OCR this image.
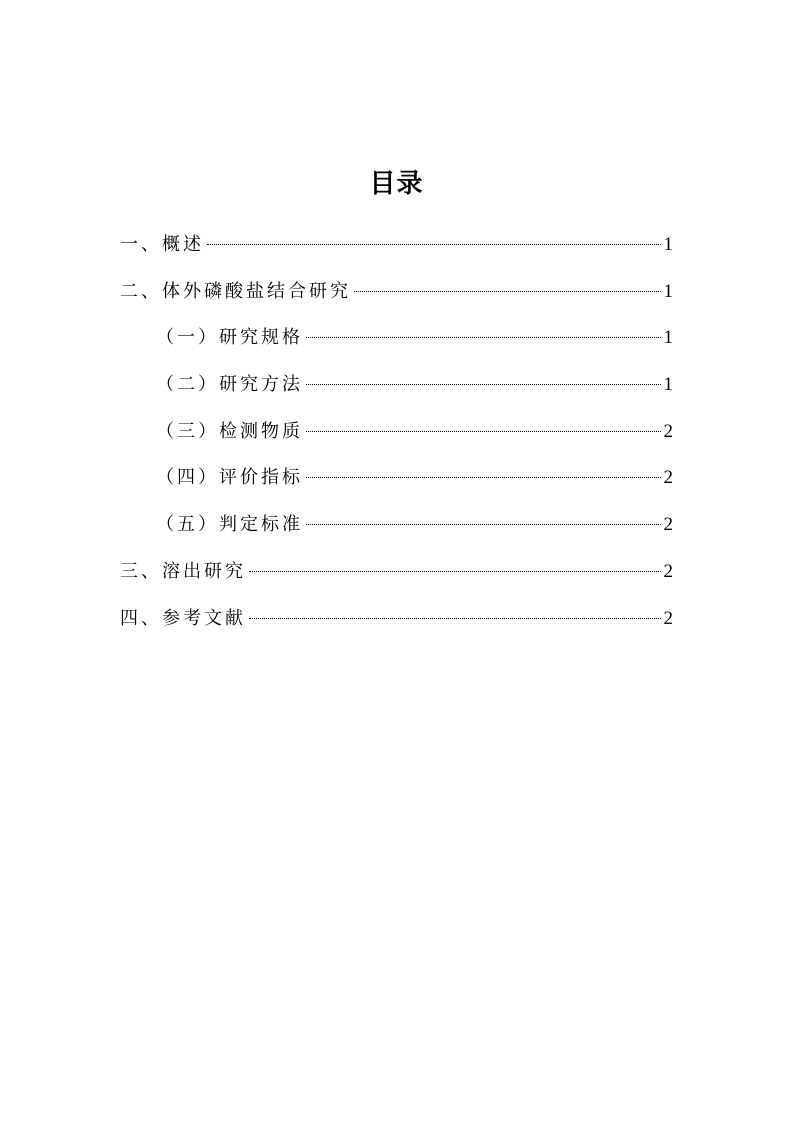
目录
一、概述	1
二、体外磷酸盐结合研究	1
（一）研究规格	1
（二）研究方法	1
（三）检测物质	2
（四）评价指标	2
（五）判定标准	2
三、溶出研究	2
四、参考文献	2
